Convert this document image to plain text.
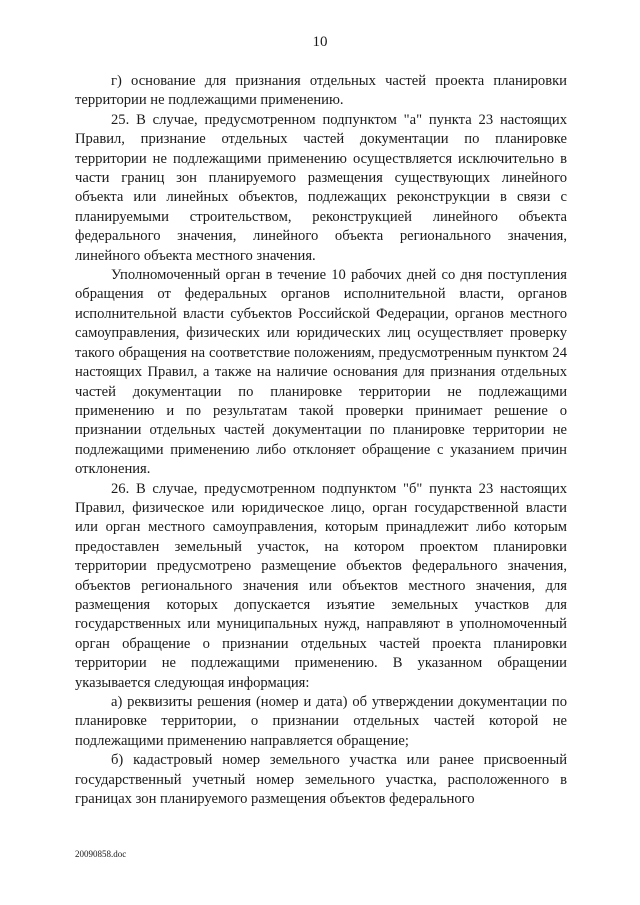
10

г) основание для признания отдельных частей проекта планировки территории не подлежащими применению.

25. В случае, предусмотренном подпунктом "а" пункта 23 настоящих Правил, признание отдельных частей документации по планировке территории не подлежащими применению осуществляется исключительно в части границ зон планируемого размещения существующих линейного объекта или линейных объектов, подлежащих реконструкции в связи с планируемыми строительством, реконструкцией линейного объекта федерального значения, линейного объекта регионального значения, линейного объекта местного значения.

Уполномоченный орган в течение 10 рабочих дней со дня поступления обращения от федеральных органов исполнительной власти, органов исполнительной власти субъектов Российской Федерации, органов местного самоуправления, физических или юридических лиц осуществляет проверку такого обращения на соответствие положениям, предусмотренным пунктом 24 настоящих Правил, а также на наличие основания для признания отдельных частей документации по планировке территории не подлежащими применению и по результатам такой проверки принимает решение о признании отдельных частей документации по планировке территории не подлежащими применению либо отклоняет обращение с указанием причин отклонения.

26. В случае, предусмотренном подпунктом "б" пункта 23 настоящих Правил, физическое или юридическое лицо, орган государственной власти или орган местного самоуправления, которым принадлежит либо которым предоставлен земельный участок, на котором проектом планировки территории предусмотрено размещение объектов федерального значения, объектов регионального значения или объектов местного значения, для размещения которых допускается изъятие земельных участков для государственных или муниципальных нужд, направляют в уполномоченный орган обращение о признании отдельных частей проекта планировки территории не подлежащими применению. В указанном обращении указывается следующая информация:

а) реквизиты решения (номер и дата) об утверждении документации по планировке территории, о признании отдельных частей которой не подлежащими применению направляется обращение;

б) кадастровый номер земельного участка или ранее присвоенный государственный учетный номер земельного участка, расположенного в границах зон планируемого размещения объектов федерального

20090858.doc
